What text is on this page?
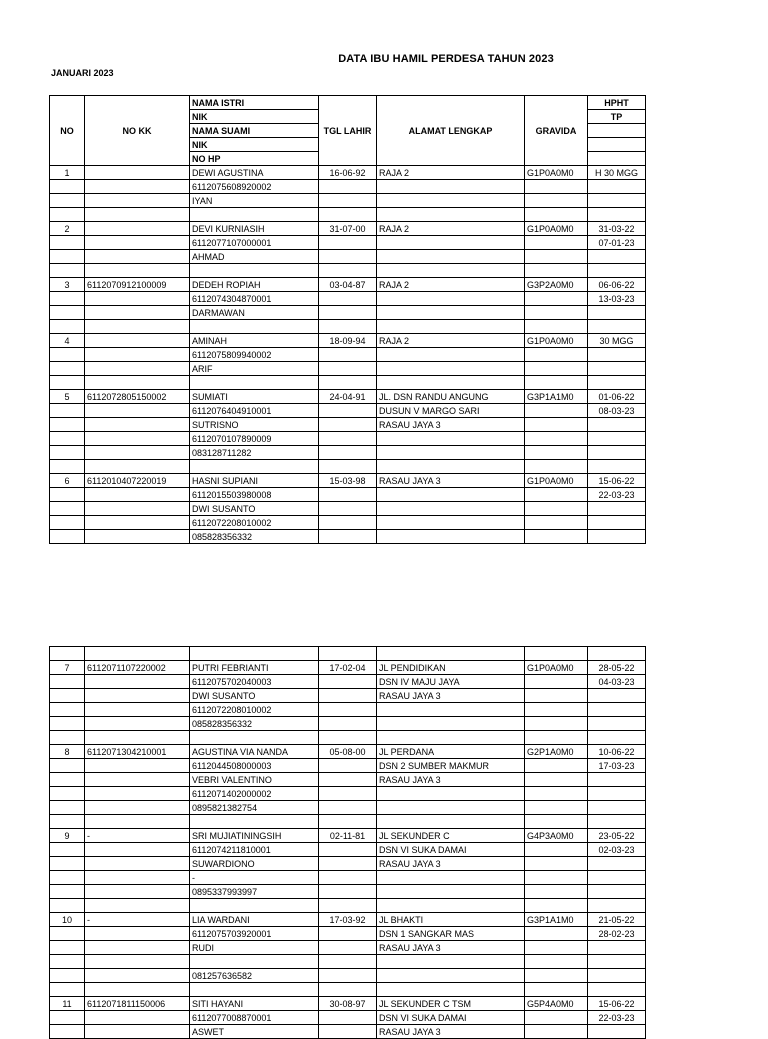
DATA IBU HAMIL PERDESA TAHUN 2023
JANUARI 2023
NO	NO KK	NAMA ISTRI	TGL LAHIR	ALAMAT LENGKAP	GRAVIDA	HPHT
		NIK				TP
		NAMA SUAMI				
		NIK				
		NO HP				
1		DEWI AGUSTINA	16-06-92	RAJA 2	G1P0A0M0	H 30 MGG
		6112075608920002				
		IYAN				

2		DEVI KURNIASIH	31-07-00	RAJA 2	G1P0A0M0	31-03-22
		6112077107000001				07-01-23
		AHMAD				

3	6112070912100009	DEDEH ROPIAH	03-04-87	RAJA 2	G3P2A0M0	06-06-22
		6112074304870001				13-03-23
		DARMAWAN				

4		AMINAH	18-09-94	RAJA 2	G1P0A0M0	30 MGG
		6112075809940002				
		ARIF				

5	6112072805150002	SUMIATI	24-04-91	JL. DSN RANDU ANGUNG	G3P1A1M0	01-06-22
		6112076404910001		DUSUN V MARGO SARI		08-03-23
		SUTRISNO		RASAU JAYA 3		
		6112070107890009				
		083128711282				

6	6112010407220019	HASNI SUPIANI	15-03-98	RASAU JAYA 3	G1P0A0M0	15-06-22
		6112015503980008				22-03-23
		DWI SUSANTO				
		6112072208010002				
		085828356332				

7	6112071107220002	PUTRI FEBRIANTI	17-02-04	JL PENDIDIKAN	G1P0A0M0	28-05-22
		6112075702040003		DSN IV MAJU JAYA		04-03-23
		DWI SUSANTO		RASAU JAYA 3		
		6112072208010002				
		085828356332				

8	6112071304210001	AGUSTINA VIA NANDA	05-08-00	JL PERDANA	G2P1A0M0	10-06-22
		6112044508000003		DSN 2 SUMBER MAKMUR		17-03-23
		VEBRI VALENTINO		RASAU JAYA 3		
		6112071402000002				
		0895821382754				

9	-	SRI MUJIATININGSIH	02-11-81	JL SEKUNDER C	G4P3A0M0	23-05-22
		6112074211810001		DSN VI SUKA DAMAI		02-03-23
		SUWARDIONO		RASAU JAYA 3		
		-				
		0895337993997				

10	-	LIA WARDANI	17-03-92	JL BHAKTI	G3P1A1M0	21-05-22
		6112075703920001		DSN 1 SANGKAR MAS		28-02-23
		RUDI		RASAU JAYA 3		

		081257636582				

11	6112071811150006	SITI HAYANI	30-08-97	JL SEKUNDER C TSM	G5P4A0M0	15-06-22
		6112077008870001		DSN VI SUKA DAMAI		22-03-23
		ASWET		RASAU JAYA 3		
